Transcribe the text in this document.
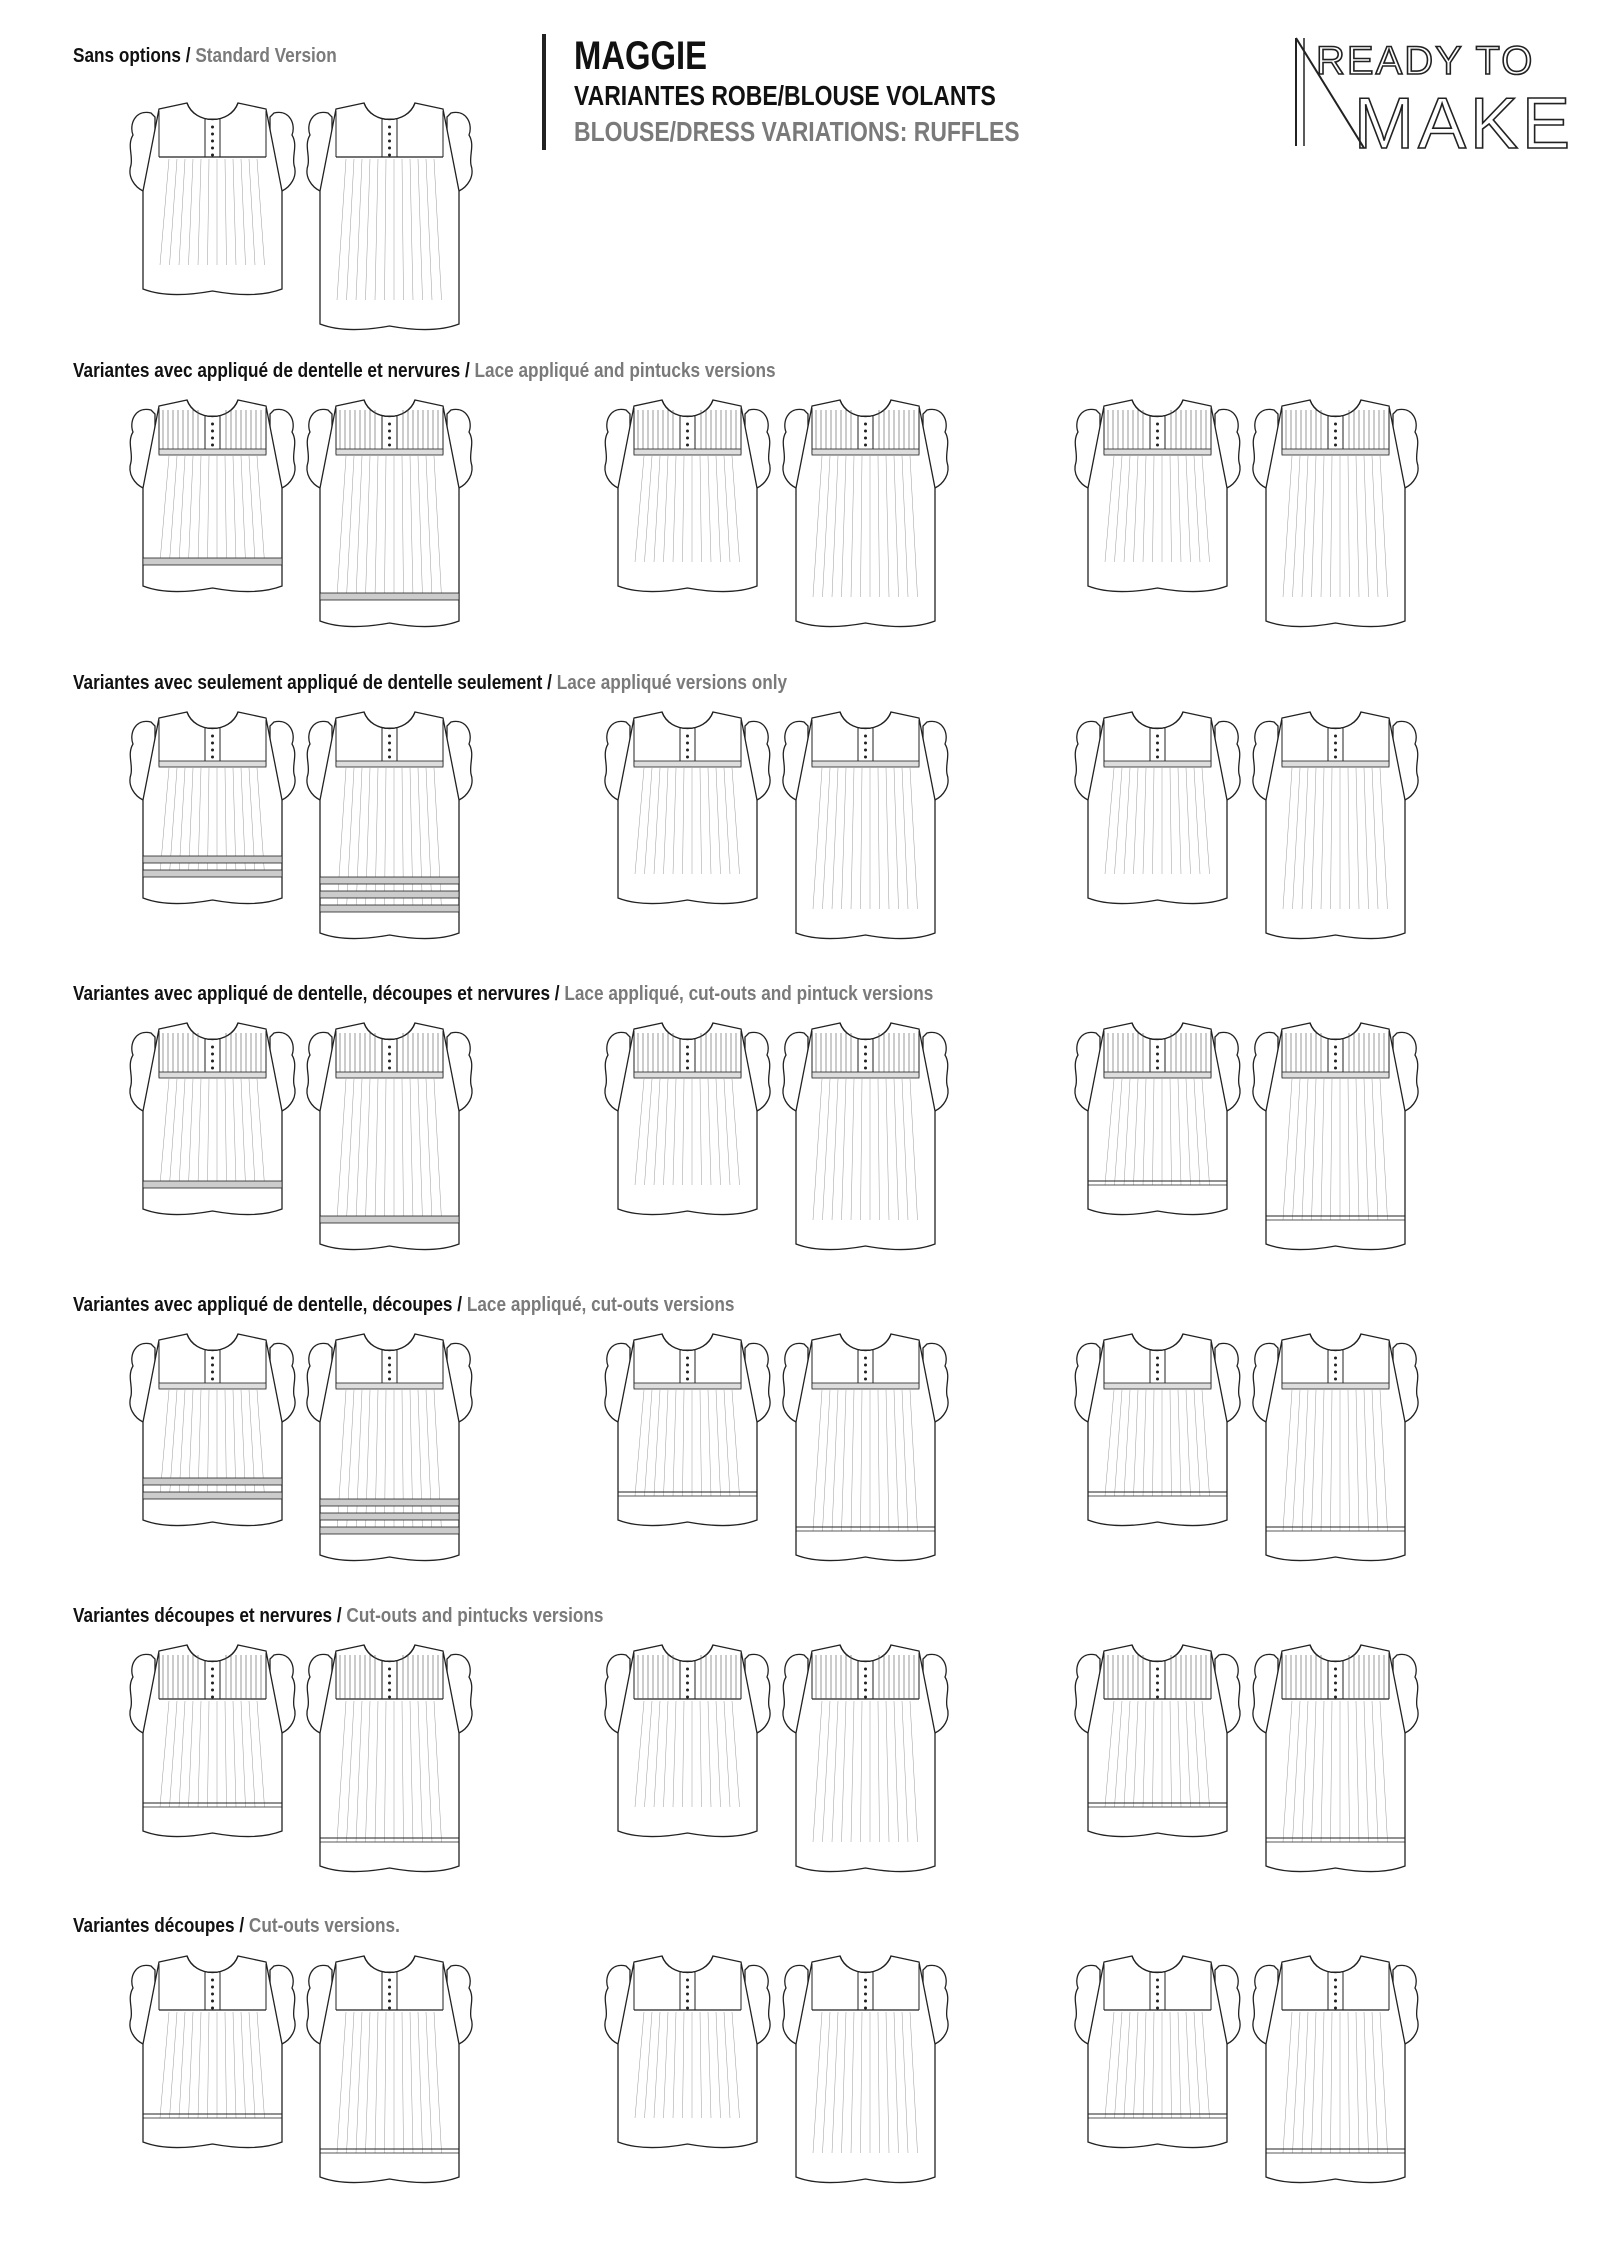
MAGGIE
VARIANTES ROBE/BLOUSE VOLANTS
BLOUSE/DRESS VARIATIONS: RUFFLES
READY TO
MAKE
Sans options / Standard Version
Variantes avec appliqué de dentelle et nervures / Lace appliqué and pintucks versions
Variantes avec seulement appliqué de dentelle seulement / Lace appliqué versions only
Variantes avec appliqué de dentelle, découpes et nervures / Lace appliqué, cut-outs and pintuck versions
Variantes avec appliqué de dentelle, découpes / Lace appliqué, cut-outs versions
Variantes découpes et nervures / Cut-outs and pintucks versions
Variantes découpes / Cut-outs versions.
